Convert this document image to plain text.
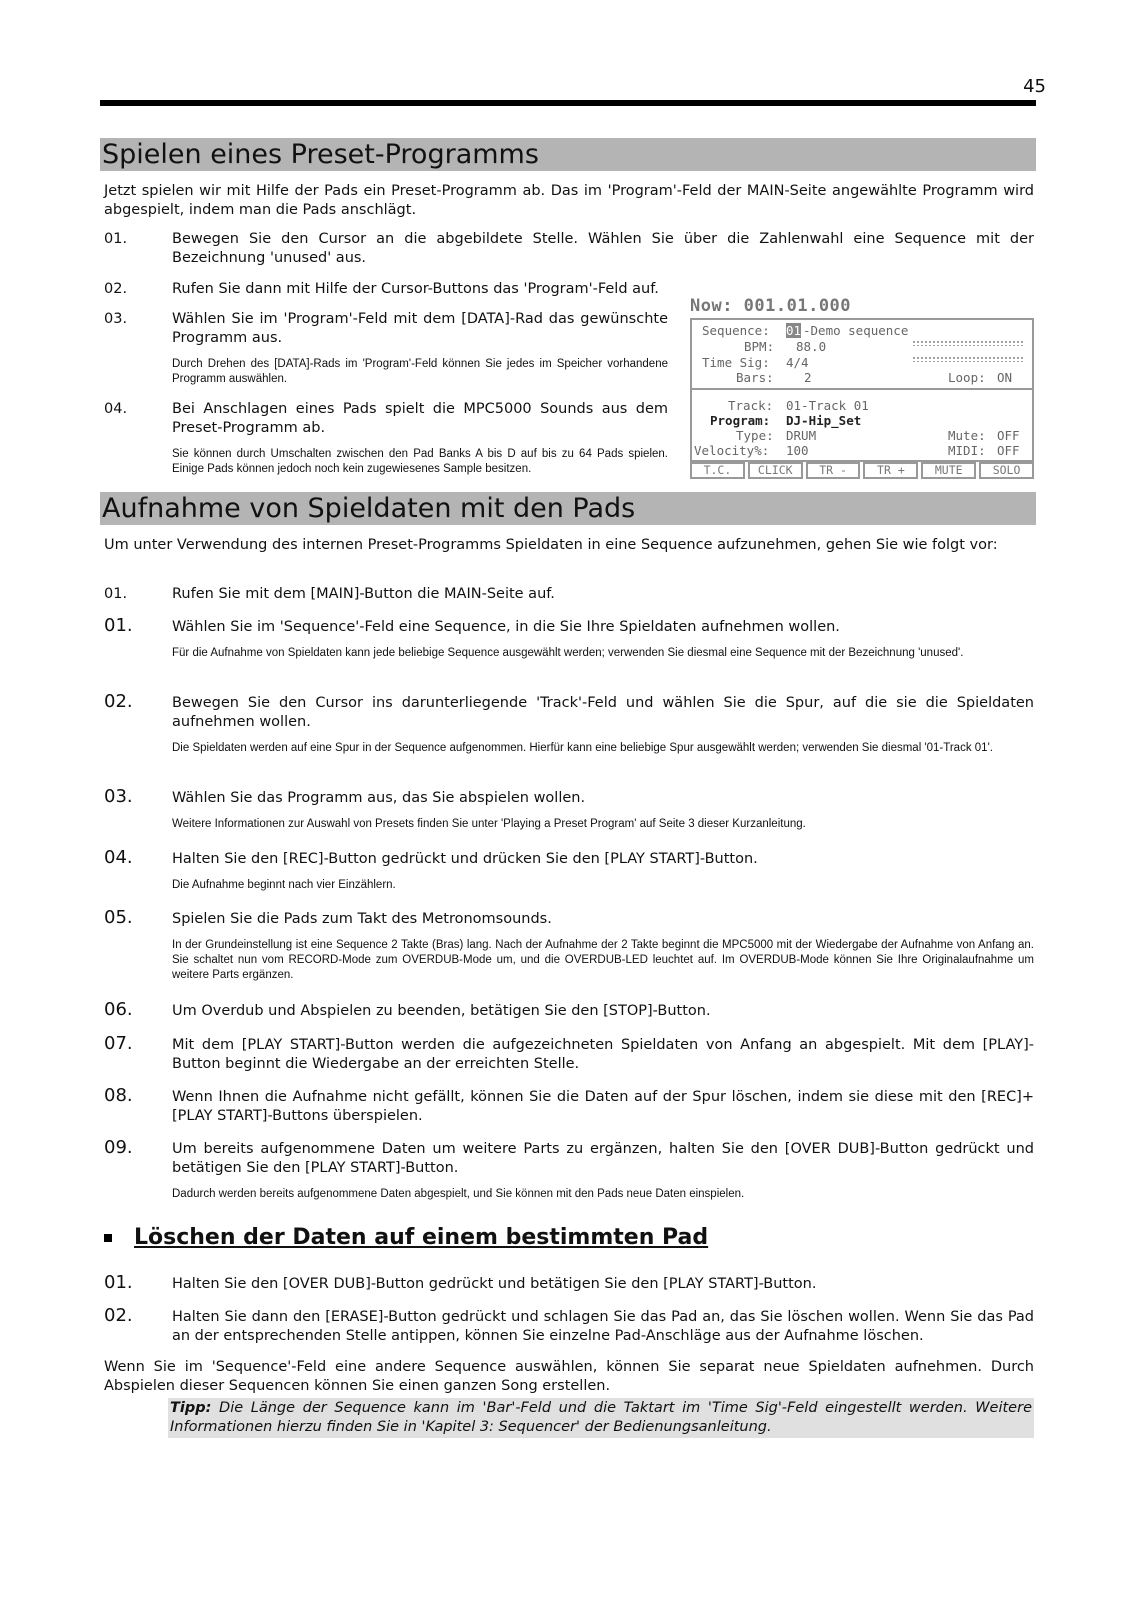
45
Spielen eines Preset-Programms
Jetzt spielen wir mit Hilfe der Pads ein Preset-Programm ab. Das im 'Program'-Feld der MAIN-Seite angewählte Programm wird abgespielt, indem man die Pads anschlägt.
01.	Bewegen Sie den Cursor an die abgebildete Stelle. Wählen Sie über die Zahlenwahl eine Sequence mit der Bezeichnung 'unused' aus.
02.	Rufen Sie dann mit Hilfe der Cursor-Buttons das 'Program'-Feld auf.
03.	Wählen Sie im 'Program'-Feld mit dem [DATA]-Rad das gewünschte Programm aus.
Durch Drehen des [DATA]-Rads im 'Program'-Feld können Sie jedes im Speicher vorhandene Programm auswählen.
04.	Bei Anschlagen eines Pads spielt die MPC5000 Sounds aus dem Preset-Programm ab.
Sie können durch Umschalten zwischen den Pad Banks A bis D auf bis zu 64 Pads spielen. Einige Pads können jedoch noch kein zugewiesenes Sample besitzen.
Now: 001.01.000
Sequence: 01 -Demo sequence
BPM: 88.0
Time Sig: 4/4
Bars: 2	Loop: ON
Track: 01-Track 01
Program: DJ-Hip_Set
Type: DRUM	Mute: OFF
Velocity%: 100	MIDI: OFF
T.C.	CLICK	TR -	TR +	MUTE	SOLO
Aufnahme von Spieldaten mit den Pads
Um unter Verwendung des internen Preset-Programms Spieldaten in eine Sequence aufzunehmen, gehen Sie wie folgt vor:
01.	Rufen Sie mit dem [MAIN]-Button die MAIN-Seite auf.
01.	Wählen Sie im 'Sequence'-Feld eine Sequence, in die Sie Ihre Spieldaten aufnehmen wollen.
Für die Aufnahme von Spieldaten kann jede beliebige Sequence ausgewählt werden; verwenden Sie diesmal eine Sequence mit der Bezeichnung 'unused'.
02.	Bewegen Sie den Cursor ins darunterliegende 'Track'-Feld und wählen Sie die Spur, auf die sie die Spieldaten aufnehmen wollen.
Die Spieldaten werden auf eine Spur in der Sequence aufgenommen. Hierfür kann eine beliebige Spur ausgewählt werden; verwenden Sie diesmal '01-Track 01'.
03.	Wählen Sie das Programm aus, das Sie abspielen wollen.
Weitere Informationen zur Auswahl von Presets finden Sie unter 'Playing a Preset Program' auf Seite 3 dieser Kurzanleitung.
04.	Halten Sie den [REC]-Button gedrückt und drücken Sie den [PLAY START]-Button.
Die Aufnahme beginnt nach vier Einzählern.
05.	Spielen Sie die Pads zum Takt des Metronomsounds.
In der Grundeinstellung ist eine Sequence 2 Takte (Bras) lang. Nach der Aufnahme der 2 Takte beginnt die MPC5000 mit der Wiedergabe der Aufnahme von Anfang an. Sie schaltet nun vom RECORD-Mode zum OVERDUB-Mode um, und die OVERDUB-LED leuchtet auf. Im OVERDUB-Mode können Sie Ihre Originalaufnahme um weitere Parts ergänzen.
06.	Um Overdub und Abspielen zu beenden, betätigen Sie den [STOP]-Button.
07.	Mit dem [PLAY START]-Button werden die aufgezeichneten Spieldaten von Anfang an abgespielt. Mit dem [PLAY]-Button beginnt die Wiedergabe an der erreichten Stelle.
08.	Wenn Ihnen die Aufnahme nicht gefällt, können Sie die Daten auf der Spur löschen, indem sie diese mit den [REC]+[PLAY START]-Buttons überspielen.
09.	Um bereits aufgenommene Daten um weitere Parts zu ergänzen, halten Sie den [OVER DUB]-Button gedrückt und betätigen Sie den [PLAY START]-Button.
Dadurch werden bereits aufgenommene Daten abgespielt, und Sie können mit den Pads neue Daten einspielen.
Löschen der Daten auf einem bestimmten Pad
01.	Halten Sie den [OVER DUB]-Button gedrückt und betätigen Sie den [PLAY START]-Button.
02.	Halten Sie dann den [ERASE]-Button gedrückt und schlagen Sie das Pad an, das Sie löschen wollen. Wenn Sie das Pad an der entsprechenden Stelle antippen, können Sie einzelne Pad-Anschläge aus der Aufnahme löschen.
Wenn Sie im 'Sequence'-Feld eine andere Sequence auswählen, können Sie separat neue Spieldaten aufnehmen. Durch Abspielen dieser Sequencen können Sie einen ganzen Song erstellen.
Tipp: Die Länge der Sequence kann im 'Bar'-Feld und die Taktart im 'Time Sig'-Feld eingestellt werden. Weitere Informationen hierzu finden Sie in 'Kapitel 3: Sequencer' der Bedienungsanleitung.
